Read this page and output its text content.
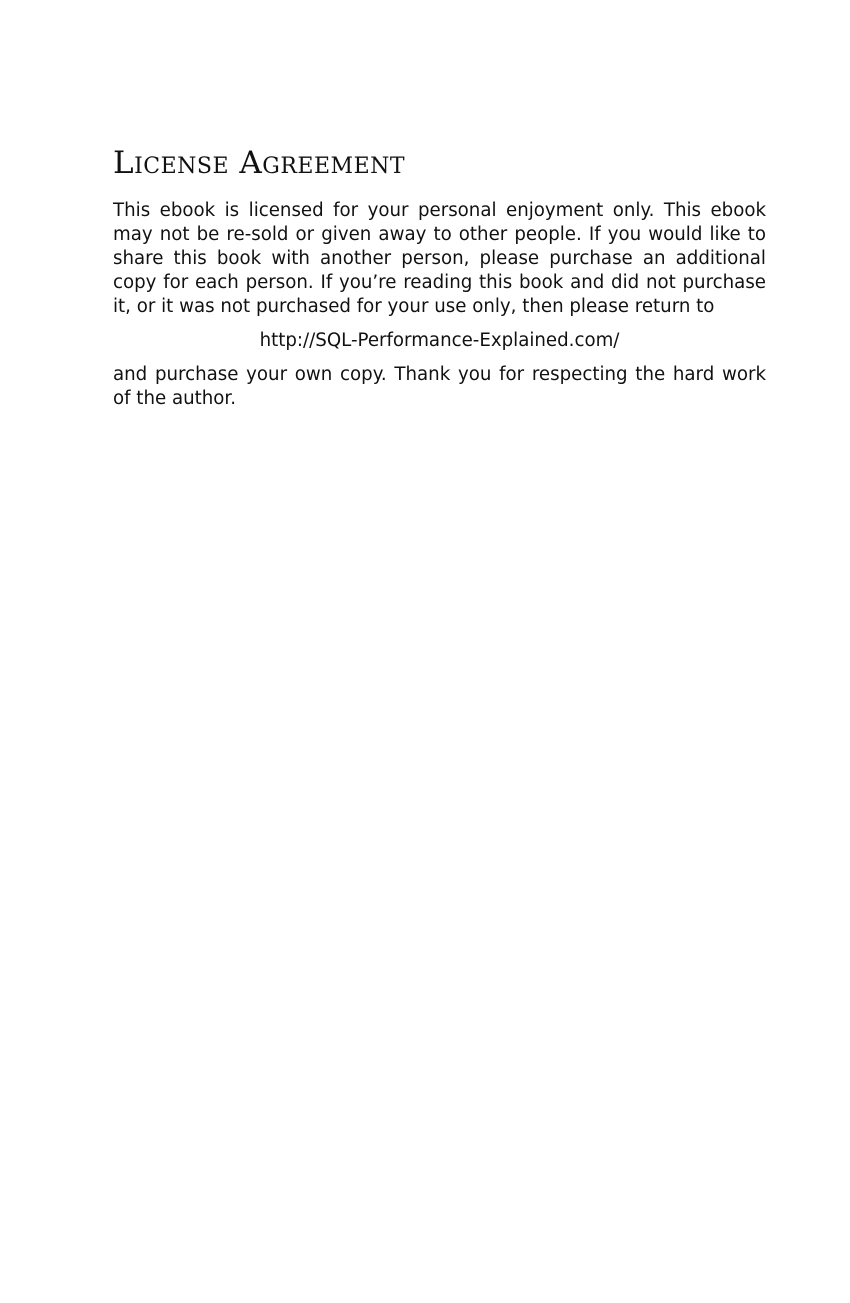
License Agreement

This ebook is licensed for your personal enjoyment only. This ebook may not be re-sold or given away to other people. If you would like to share this book with another person, please purchase an additional copy for each person. If you’re reading this book and did not purchase it, or it was not purchased for your use only, then please return to

http://SQL-Performance-Explained.com/

and purchase your own copy. Thank you for respecting the hard work of the author.
